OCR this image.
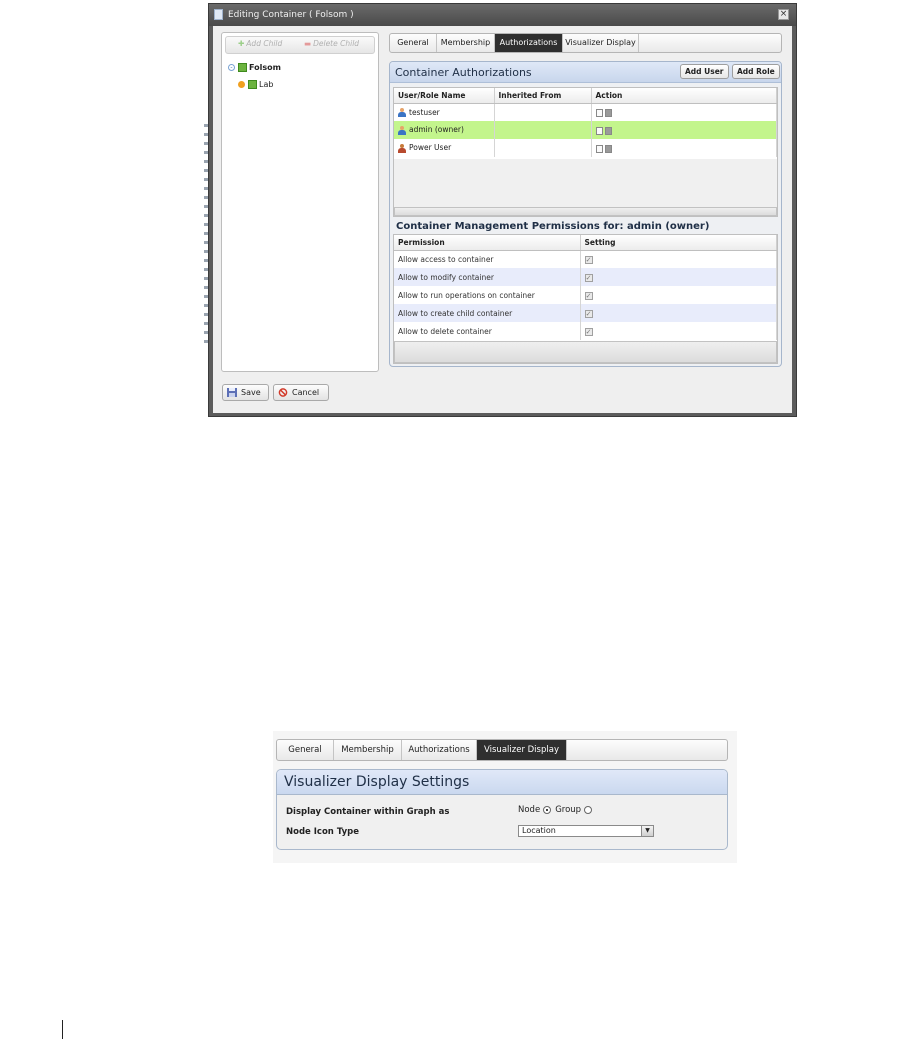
Editing Container ( Folsom )	×
✚ Add Child	▬ Delete Child
- Folsom
Lab
Save	Cancel
General	Membership	Authorizations Visualizer Display
Container Authorizations	Add User	Add Role
User/Role Name	Inherited From	Action

testuser		

admin (owner)		

Power User		
Container Management Permissions for: admin (owner)
Permission	Setting
Allow access to container	✓
Allow to modify container	✓
Allow to run operations on container	✓
Allow to create child container	✓
Allow to delete container	✓
General	Membership	Authorizations	Visualizer Display
Visualizer Display Settings
Display Container within Graph as	Node Group
Node Icon Type	Location	▼
